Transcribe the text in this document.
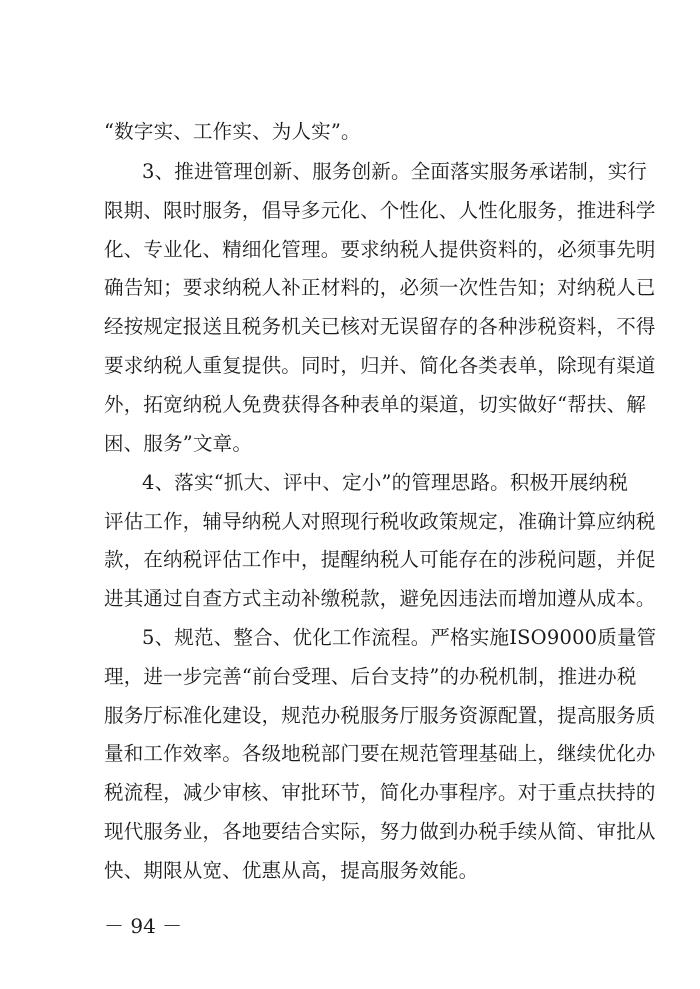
“数字实、工作实、为人实”。
3、推进管理创新、服务创新。全面落实服务承诺制，实行
限期、限时服务，倡导多元化、个性化、人性化服务，推进科学
化、专业化、精细化管理。要求纳税人提供资料的，必须事先明
确告知；要求纳税人补正材料的，必须一次性告知；对纳税人已
经按规定报送且税务机关已核对无误留存的各种涉税资料，不得
要求纳税人重复提供。同时，归并、简化各类表单，除现有渠道
外，拓宽纳税人免费获得各种表单的渠道，切实做好“帮扶、解
困、服务”文章。
4、落实“抓大、评中、定小”的管理思路。积极开展纳税
评估工作，辅导纳税人对照现行税收政策规定，准确计算应纳税
款，在纳税评估工作中，提醒纳税人可能存在的涉税问题，并促
进其通过自查方式主动补缴税款，避免因违法而增加遵从成本。
5、规范、整合、优化工作流程。严格实施ISO9000质量管
理，进一步完善“前台受理、后台支持”的办税机制，推进办税
服务厅标准化建设，规范办税服务厅服务资源配置，提高服务质
量和工作效率。各级地税部门要在规范管理基础上，继续优化办
税流程，减少审核、审批环节，简化办事程序。对于重点扶持的
现代服务业，各地要结合实际，努力做到办税手续从简、审批从
快、期限从宽、优惠从高，提高服务效能。
－ 94 －
